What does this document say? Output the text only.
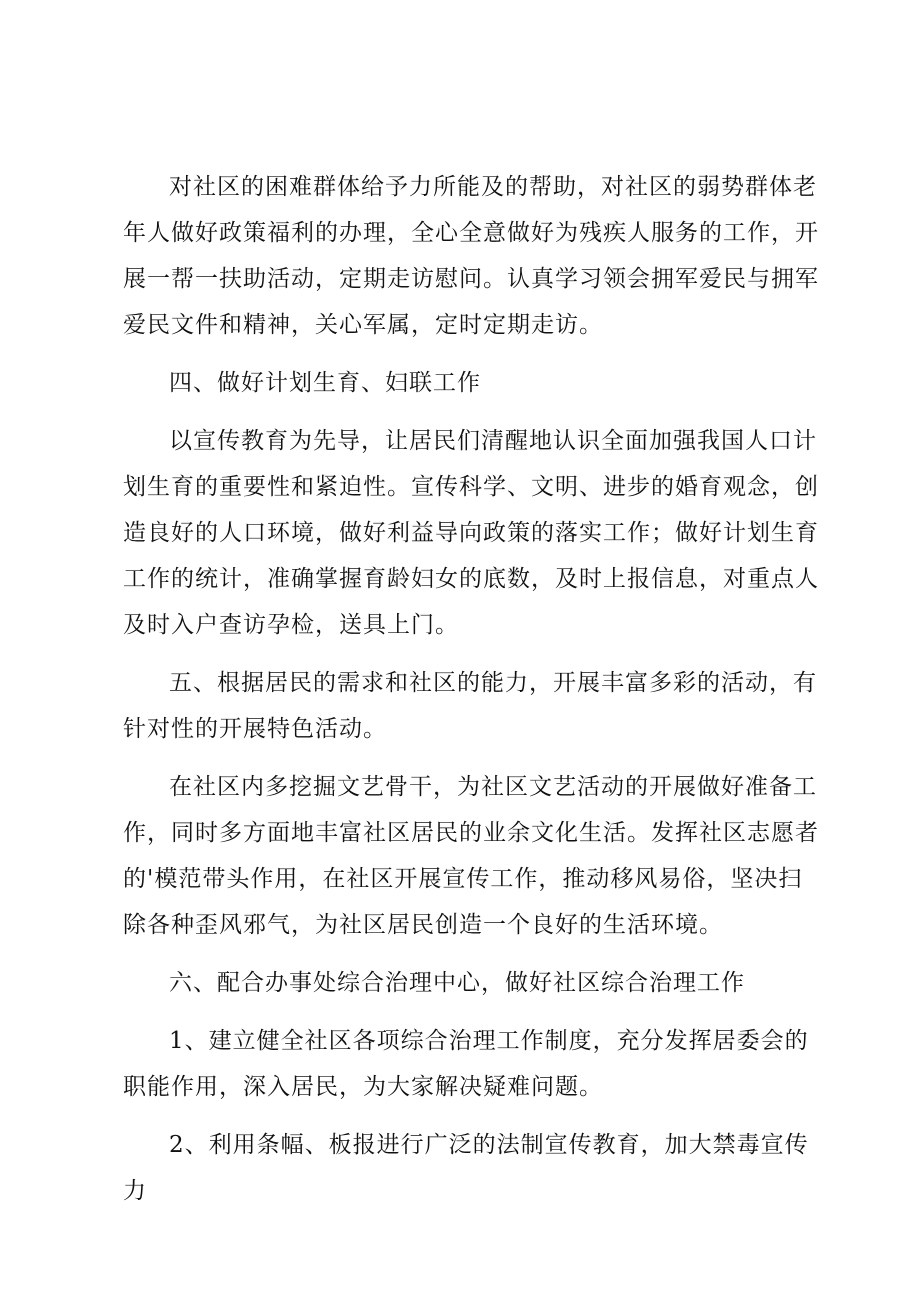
对社区的困难群体给予力所能及的帮助，对社区的弱势群体老年人做好政策福利的办理，全心全意做好为残疾人服务的工作，开展一帮一扶助活动，定期走访慰问。认真学习领会拥军爱民与拥军爱民文件和精神，关心军属，定时定期走访。

四、做好计划生育、妇联工作

以宣传教育为先导，让居民们清醒地认识全面加强我国人口计划生育的重要性和紧迫性。宣传科学、文明、进步的婚育观念，创造良好的人口环境，做好利益导向政策的落实工作；做好计划生育工作的统计，准确掌握育龄妇女的底数，及时上报信息，对重点人及时入户查访孕检，送具上门。

五、根据居民的需求和社区的能力，开展丰富多彩的活动，有针对性的开展特色活动。

在社区内多挖掘文艺骨干，为社区文艺活动的开展做好准备工作，同时多方面地丰富社区居民的业余文化生活。发挥社区志愿者的'模范带头作用，在社区开展宣传工作，推动移风易俗，坚决扫除各种歪风邪气，为社区居民创造一个良好的生活环境。

六、配合办事处综合治理中心，做好社区综合治理工作

1、建立健全社区各项综合治理工作制度，充分发挥居委会的职能作用，深入居民，为大家解决疑难问题。

2、利用条幅、板报进行广泛的法制宣传教育，加大禁毒宣传力
